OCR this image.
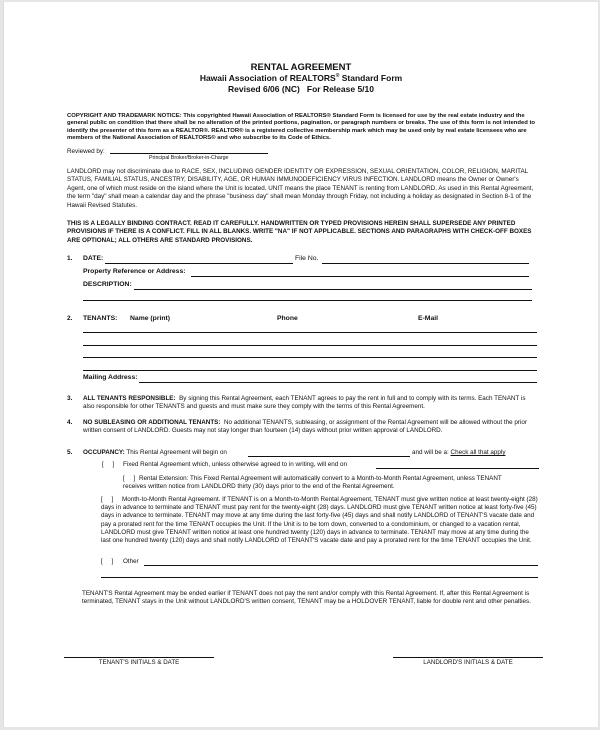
RENTAL AGREEMENT
Hawaii Association of REALTORS® Standard Form
Revised 6/06 (NC)   For Release 5/10
COPYRIGHT AND TRADEMARK NOTICE: This copyrighted Hawaii Association of REALTORS® Standard Form is licensed for use by the real estate industry and the general public on condition that there shall be no alteration of the printed portions, pagination, or paragraph numbers or breaks. The use of this form is not intended to identify the presenter of this form as a REALTOR®. REALTOR® is a registered collective membership mark which may be used only by real estate licensees who are members of the National Association of REALTORS® and who subscribe to its Code of Ethics.
Reviewed by:
Principal Broker/Broker-in-Charge
LANDLORD may not discriminate due to RACE, SEX, INCLUDING GENDER IDENTITY OR EXPRESSION, SEXUAL ORIENTATION, COLOR, RELIGION, MARITAL STATUS, FAMILIAL STATUS, ANCESTRY, DISABILITY, AGE, OR HUMAN IMMUNODEFICIENCY VIRUS INFECTION. LANDLORD means the Owner or Owner's Agent, one of which must reside on the island where the Unit is located. UNIT means the place TENANT is renting from LANDLORD. As used in this Rental Agreement, the term "day" shall mean a calendar day and the phrase "business day" shall mean Monday through Friday, not including a holiday as designated in Section 8-1 of the Hawaii Revised Statutes.
THIS IS A LEGALLY BINDING CONTRACT. READ IT CAREFULLY. HANDWRITTEN OR TYPED PROVISIONS HEREIN SHALL SUPERSEDE ANY PRINTED PROVISIONS IF THERE IS A CONFLICT. FILL IN ALL BLANKS. WRITE "NA" IF NOT APPLICABLE. SECTIONS AND PARAGRAPHS WITH CHECK-OFF BOXES ARE OPTIONAL; ALL OTHERS ARE STANDARD PROVISIONS.
1. DATE:	File No.
Property Reference or Address:
DESCRIPTION:
2. TENANTS: Name (print)	Phone	E-Mail
Mailing Address:
3. ALL TENANTS RESPONSIBLE: By signing this Rental Agreement, each TENANT agrees to pay the rent in full and to comply with its terms. Each TENANT is also responsible for other TENANTS and guests and must make sure they comply with the terms of this Rental Agreement.
4. NO SUBLEASING OR ADDITIONAL TENANTS: No additional TENANTS, subleasing, or assignment of the Rental Agreement will be allowed without the prior written consent of LANDLORD. Guests may not stay longer than fourteen (14) days without prior written approval of LANDLORD.
5. OCCUPANCY: This Rental Agreement will begin on	and will be a: Check all that apply
[     ] Fixed Rental Agreement which, unless otherwise agreed to in writing, will end on
[     ] Rental Extension: This Fixed Rental Agreement will automatically convert to a Month-to-Month Rental Agreement, unless TENANT receives written notice from LANDLORD thirty (30) days prior to the end of the Rental Agreement.
[     ]	Month-to-Month Rental Agreement. If TENANT is on a Month-to-Month Rental Agreement, TENANT must give written notice at least twenty-eight (28) days in advance to terminate and TENANT must pay rent for the twenty-eight (28) days. LANDLORD must give TENANT written notice at least forty-five (45) days in advance to terminate. TENANT may move at any time during the last forty-five (45) days and shall notify LANDLORD of TENANT'S vacate date and pay a prorated rent for the time TENANT occupies the Unit. If the Unit is to be torn down, converted to a condominium, or changed to a vacation rental, LANDLORD must give TENANT written notice at least one hundred twenty (120) days in advance to terminate. TENANT may move at any time during the last one hundred twenty (120) days and shall notify LANDLORD of TENANT'S vacate date and pay a prorated rent for the time TENANT occupies the Unit.
[     ] Other
TENANT'S Rental Agreement may be ended earlier if TENANT does not pay the rent and/or comply with this Rental Agreement. If, after this Rental Agreement is terminated, TENANT stays in the Unit without LANDLORD'S written consent, TENANT may be a HOLDOVER TENANT, liable for double rent and other penalties.
TENANT'S INITIALS & DATE	LANDLORD'S INITIALS & DATE
